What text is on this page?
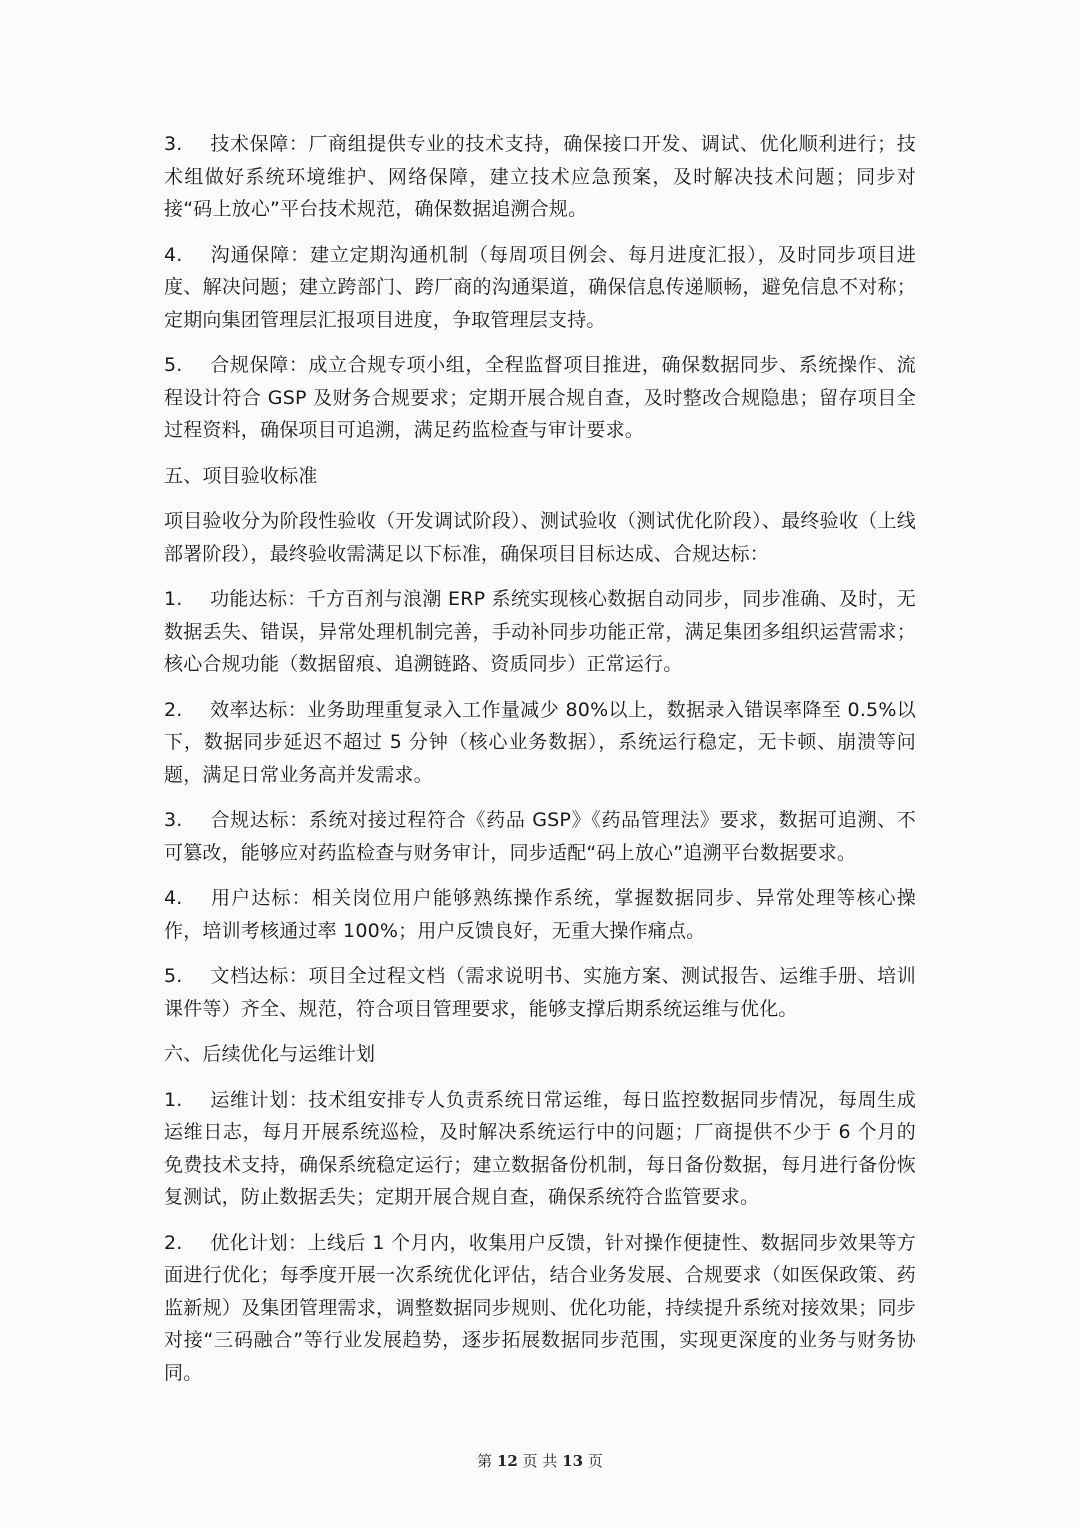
3. 技术保障：厂商组提供专业的技术支持，确保接口开发、调试、优化顺利进行；技术组做好系统环境维护、网络保障，建立技术应急预案，及时解决技术问题；同步对接“码上放心”平台技术规范，确保数据追溯合规。

4. 沟通保障：建立定期沟通机制（每周项目例会、每月进度汇报），及时同步项目进度、解决问题；建立跨部门、跨厂商的沟通渠道，确保信息传递顺畅，避免信息不对称；定期向集团管理层汇报项目进度，争取管理层支持。

5. 合规保障：成立合规专项小组，全程监督项目推进，确保数据同步、系统操作、流程设计符合 GSP 及财务合规要求；定期开展合规自查，及时整改合规隐患；留存项目全过程资料，确保项目可追溯，满足药监检查与审计要求。

五、项目验收标准

项目验收分为阶段性验收（开发调试阶段）、测试验收（测试优化阶段）、最终验收（上线部署阶段），最终验收需满足以下标准，确保项目目标达成、合规达标：

1. 功能达标：千方百剂与浪潮 ERP 系统实现核心数据自动同步，同步准确、及时，无数据丢失、错误，异常处理机制完善，手动补同步功能正常，满足集团多组织运营需求；核心合规功能（数据留痕、追溯链路、资质同步）正常运行。

2. 效率达标：业务助理重复录入工作量减少 80%以上，数据录入错误率降至 0.5%以下，数据同步延迟不超过 5 分钟（核心业务数据），系统运行稳定，无卡顿、崩溃等问题，满足日常业务高并发需求。

3. 合规达标：系统对接过程符合《药品 GSP》《药品管理法》要求，数据可追溯、不可篡改，能够应对药监检查与财务审计，同步适配“码上放心”追溯平台数据要求。

4. 用户达标：相关岗位用户能够熟练操作系统，掌握数据同步、异常处理等核心操作，培训考核通过率 100%；用户反馈良好，无重大操作痛点。

5. 文档达标：项目全过程文档（需求说明书、实施方案、测试报告、运维手册、培训课件等）齐全、规范，符合项目管理要求，能够支撑后期系统运维与优化。

六、后续优化与运维计划

1. 运维计划：技术组安排专人负责系统日常运维，每日监控数据同步情况，每周生成运维日志，每月开展系统巡检，及时解决系统运行中的问题；厂商提供不少于 6 个月的免费技术支持，确保系统稳定运行；建立数据备份机制，每日备份数据，每月进行备份恢复测试，防止数据丢失；定期开展合规自查，确保系统符合监管要求。

2. 优化计划：上线后 1 个月内，收集用户反馈，针对操作便捷性、数据同步效果等方面进行优化；每季度开展一次系统优化评估，结合业务发展、合规要求（如医保政策、药监新规）及集团管理需求，调整数据同步规则、优化功能，持续提升系统对接效果；同步对接“三码融合”等行业发展趋势，逐步拓展数据同步范围，实现更深度的业务与财务协同。

第 12 页 共 13 页
